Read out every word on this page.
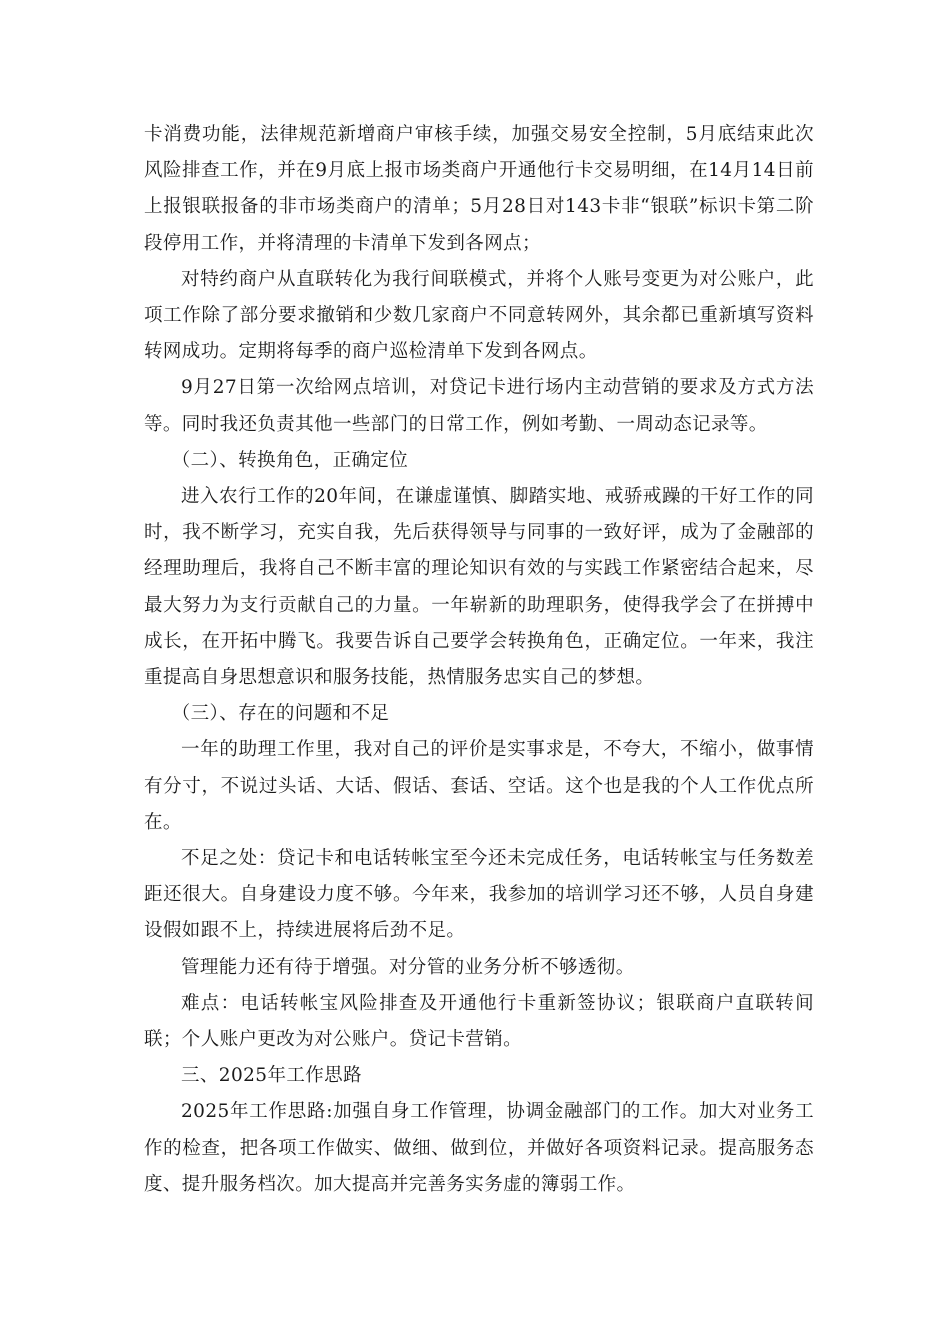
卡消费功能，法律规范新增商户审核手续，加强交易安全控制，5月底结束此次风险排查工作，并在9月底上报市场类商户开通他行卡交易明细，在14月14日前上报银联报备的非市场类商户的清单；5月28日对143卡非“银联”标识卡第二阶段停用工作，并将清理的卡清单下发到各网点；

对特约商户从直联转化为我行间联模式，并将个人账号变更为对公账户，此项工作除了部分要求撤销和少数几家商户不同意转网外，其余都已重新填写资料转网成功。定期将每季的商户巡检清单下发到各网点。

9月27日第一次给网点培训，对贷记卡进行场内主动营销的要求及方式方法等。同时我还负责其他一些部门的日常工作，例如考勤、一周动态记录等。

（二）、转换角色，正确定位

进入农行工作的20年间，在谦虚谨慎、脚踏实地、戒骄戒躁的干好工作的同时，我不断学习，充实自我，先后获得领导与同事的一致好评，成为了金融部的经理助理后，我将自己不断丰富的理论知识有效的与实践工作紧密结合起来，尽最大努力为支行贡献自己的力量。一年崭新的助理职务，使得我学会了在拼搏中成长，在开拓中腾飞。我要告诉自己要学会转换角色，正确定位。一年来，我注重提高自身思想意识和服务技能，热情服务忠实自己的梦想。

（三）、存在的问题和不足

一年的助理工作里，我对自己的评价是实事求是，不夸大，不缩小，做事情有分寸，不说过头话、大话、假话、套话、空话。这个也是我的个人工作优点所在。

不足之处：贷记卡和电话转帐宝至今还未完成任务，电话转帐宝与任务数差距还很大。自身建设力度不够。今年来，我参加的培训学习还不够，人员自身建设假如跟不上，持续进展将后劲不足。

管理能力还有待于增强。对分管的业务分析不够透彻。

难点：电话转帐宝风险排查及开通他行卡重新签协议；银联商户直联转间联；个人账户更改为对公账户。贷记卡营销。

三、2025年工作思路

2025年工作思路:加强自身工作管理，协调金融部门的工作。加大对业务工作的检查，把各项工作做实、做细、做到位，并做好各项资料记录。提高服务态度、提升服务档次。加大提高并完善务实务虚的簿弱工作。
